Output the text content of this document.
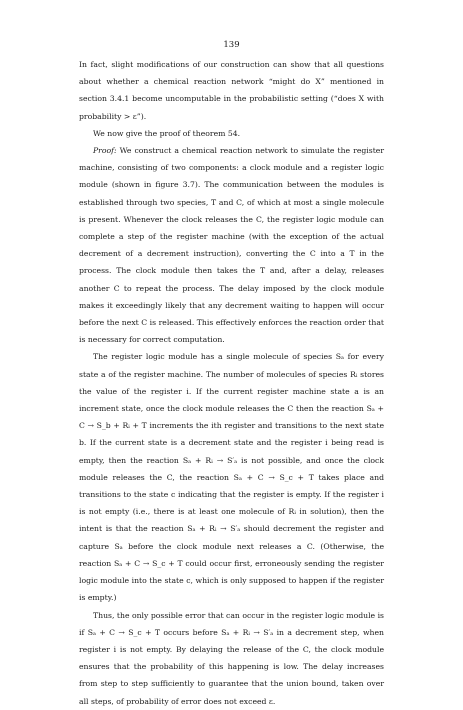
139

In fact, slight modifications of our construction can show that all questions about whether a chemical reaction network “might do X” mentioned in section 3.4.1 become uncomputable in the probabilistic setting (“does X with probability > ε”).

We now give the proof of theorem 54.

Proof: We construct a chemical reaction network to simulate the register machine, consisting of two components: a clock module and a register logic module (shown in figure 3.7). The communication between the modules is established through two species, T and C, of which at most a single molecule is present. Whenever the clock releases the C, the register logic module can complete a step of the register machine (with the exception of the actual decrement of a decrement instruction), converting the C into a T in the process. The clock module then takes the T and, after a delay, releases another C to repeat the process. The delay imposed by the clock module makes it exceedingly likely that any decrement waiting to happen will occur before the next C is released. This effectively enforces the reaction order that is necessary for correct computation.

The register logic module has a single molecule of species Sₐ for every state a of the register machine. The number of molecules of species Rᵢ stores the value of the register i. If the current register machine state a is an increment state, once the clock module releases the C then the reaction Sₐ + C → S_b + Rᵢ + T increments the ith register and transitions to the next state b. If the current state is a decrement state and the register i being read is empty, then the reaction Sₐ + Rᵢ → S′ₐ is not possible, and once the clock module releases the C, the reaction Sₐ + C → S_c + T takes place and transitions to the state c indicating that the register is empty. If the register i is not empty (i.e., there is at least one molecule of Rᵢ in solution), then the intent is that the reaction Sₐ + Rᵢ → S′ₐ should decrement the register and capture Sₐ before the clock module next releases a C. (Otherwise, the reaction Sₐ + C → S_c + T could occur first, erroneously sending the register logic module into the state c, which is only supposed to happen if the register is empty.)

Thus, the only possible error that can occur in the register logic module is if Sₐ + C → S_c + T occurs before Sₐ + Rᵢ → S′ₐ in a decrement step, when register i is not empty. By delaying the release of the C, the clock module ensures that the probability of this happening is low. The delay increases from step to step sufficiently to guarantee that the union bound, taken over all steps, of probability of error does not exceed ε.
